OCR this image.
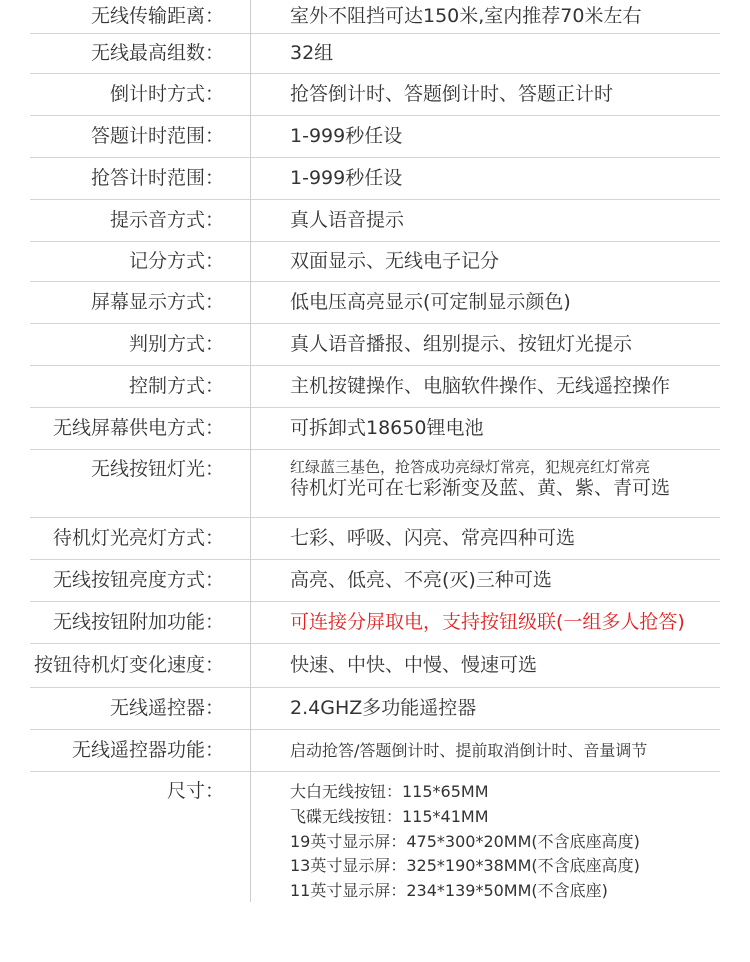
无线传输距离：	室外不阻挡可达150米,室内推荐70米左右
无线最高组数：	32组
倒计时方式：	抢答倒计时、答题倒计时、答题正计时
答题计时范围：	1-999秒任设
抢答计时范围：	1-999秒任设
提示音方式：	真人语音提示
记分方式：	双面显示、无线电子记分
屏幕显示方式：	低电压高亮显示(可定制显示颜色)
判别方式：	真人语音播报、组别提示、按钮灯光提示
控制方式：	主机按键操作、电脑软件操作、无线遥控操作
无线屏幕供电方式：	可拆卸式18650锂电池
无线按钮灯光：	红绿蓝三基色，抢答成功亮绿灯常亮，犯规亮红灯常亮
待机灯光可在七彩渐变及蓝、黄、紫、青可选
待机灯光亮灯方式：	七彩、呼吸、闪亮、常亮四种可选
无线按钮亮度方式：	高亮、低亮、不亮(灭)三种可选
无线按钮附加功能：	可连接分屏取电，支持按钮级联(一组多人抢答)
按钮待机灯变化速度：	快速、中快、中慢、慢速可选
无线遥控器：	2.4GHZ多功能遥控器
无线遥控器功能：	启动抢答/答题倒计时、提前取消倒计时、音量调节
尺寸：	大白无线按钮：115*65MM
飞碟无线按钮：115*41MM
19英寸显示屏：475*300*20MM(不含底座高度)
13英寸显示屏：325*190*38MM(不含底座高度)
11英寸显示屏：234*139*50MM(不含底座)
